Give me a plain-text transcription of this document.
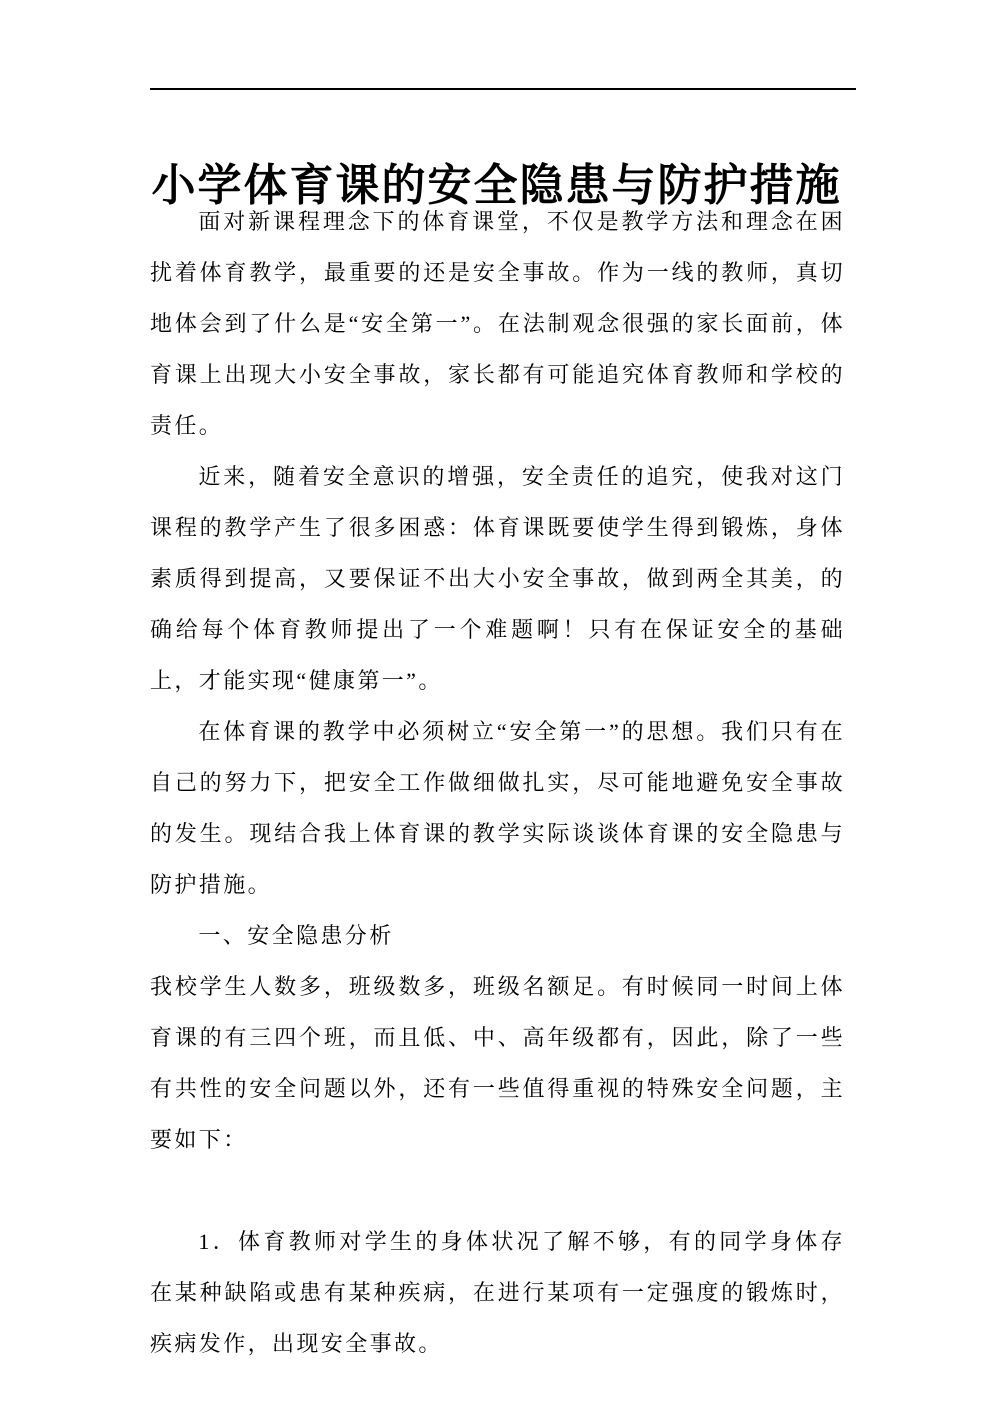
小学体育课的安全隐患与防护措施

面对新课程理念下的体育课堂，不仅是教学方法和理念在困扰着体育教学，最重要的还是安全事故。作为一线的教师，真切地体会到了什么是“安全第一”。在法制观念很强的家长面前，体育课上出现大小安全事故，家长都有可能追究体育教师和学校的责任。

近来，随着安全意识的增强，安全责任的追究，使我对这门课程的教学产生了很多困惑：体育课既要使学生得到锻炼，身体素质得到提高，又要保证不出大小安全事故，做到两全其美，的确给每个体育教师提出了一个难题啊！只有在保证安全的基础上，才能实现“健康第一”。

在体育课的教学中必须树立“安全第一”的思想。我们只有在自己的努力下，把安全工作做细做扎实，尽可能地避免安全事故的发生。现结合我上体育课的教学实际谈谈体育课的安全隐患与防护措施。

一、安全隐患分析

我校学生人数多，班级数多，班级名额足。有时候同一时间上体育课的有三四个班，而且低、中、高年级都有，因此，除了一些有共性的安全问题以外，还有一些值得重视的特殊安全问题，主要如下：

1．体育教师对学生的身体状况了解不够，有的同学身体存在某种缺陷或患有某种疾病，在进行某项有一定强度的锻炼时，疾病发作，出现安全事故。
